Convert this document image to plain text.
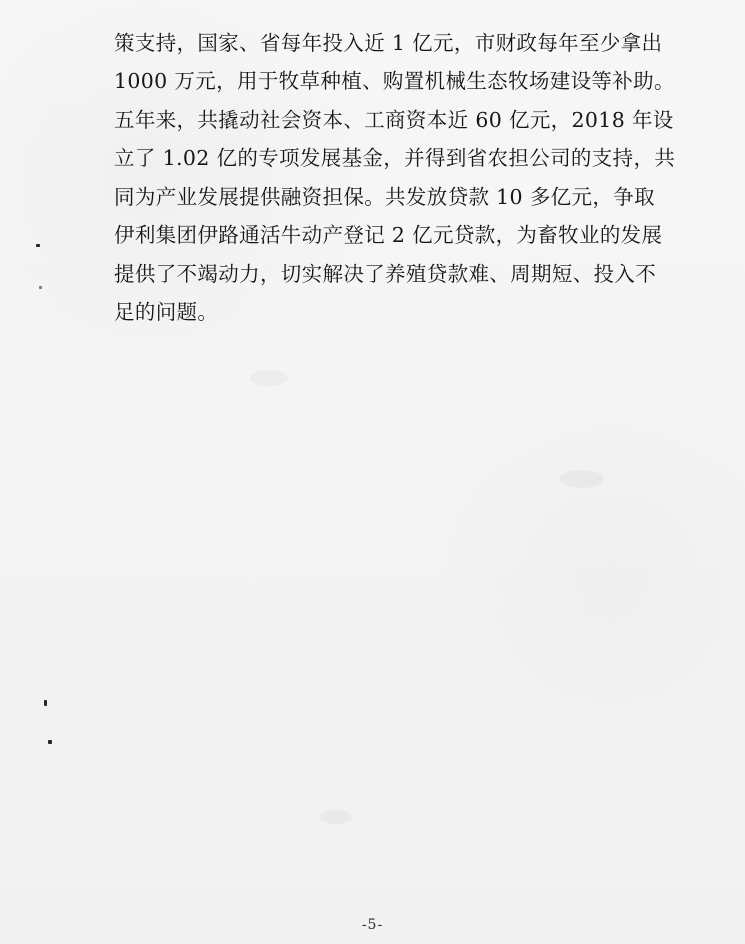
策支持，国家、省每年投入近 1 亿元，市财政每年至少拿出
1000 万元，用于牧草种植、购置机械生态牧场建设等补助。
五年来，共撬动社会资本、工商资本近 60 亿元，2018 年设
立了 1.02 亿的专项发展基金，并得到省农担公司的支持，共
同为产业发展提供融资担保。共发放贷款 10 多亿元，争取
伊利集团伊路通活牛动产登记 2 亿元贷款，为畜牧业的发展
提供了不竭动力，切实解决了养殖贷款难、周期短、投入不
足的问题。
-5-
